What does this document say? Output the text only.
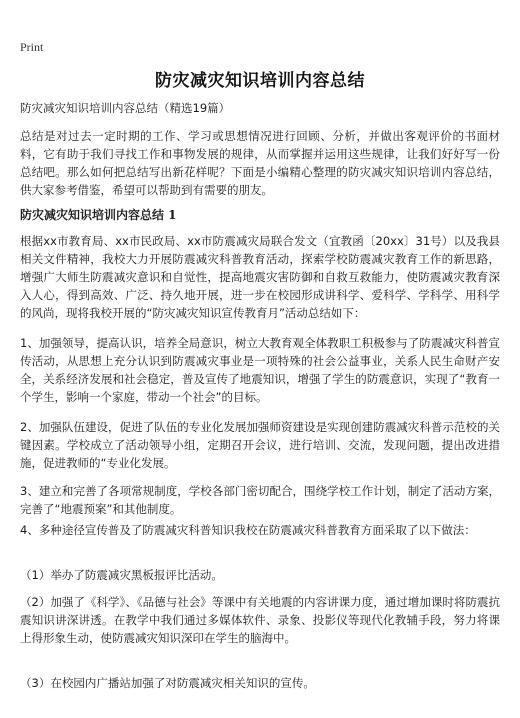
Print
防灾减灾知识培训内容总结
防灾减灾知识培训内容总结（精选19篇）
总结是对过去一定时期的工作、学习或思想情况进行回顾、分析，并做出客观评价的书面材料，它有助于我们寻找工作和事物发展的规律，从而掌握并运用这些规律，让我们好好写一份总结吧。那么如何把总结写出新花样呢？下面是小编精心整理的防灾减灾知识培训内容总结，供大家参考借鉴，希望可以帮助到有需要的朋友。
防灾减灾知识培训内容总结 1
根据xx市教育局、xx市民政局、xx市防震减灾局联合发文（宜教函〔20xx〕31号）以及我县相关文件精神，我校大力开展防震减灾科普教育活动，探索学校防震减灾教育工作的新思路，增强广大师生防震减灾意识和自觉性，提高地震灾害防御和自救互救能力，使防震减灾教育深入人心，得到高效、广泛、持久地开展，进一步在校园形成讲科学、爱科学、学科学、用科学的风尚，现将我校开展的“防灾减灾知识宣传教育月”活动总结如下：
1、加强领导，提高认识，培养全局意识，树立大教育观全体教职工积极参与了防震减灾科普宣传活动，从思想上充分认识到防震减灾事业是一项特殊的社会公益事业，关系人民生命财产安全，关系经济发展和社会稳定，普及宣传了地震知识，增强了学生的防震意识，实现了“教育一个学生，影响一个家庭，带动一个社会”的目标。
2、加强队伍建设，促进了队伍的专业化发展加强师资建设是实现创建防震减灾科普示范校的关键因素。学校成立了活动领导小组，定期召开会议，进行培训、交流，发现问题，提出改进措施，促进教师的“专业化发展。
3、建立和完善了各项常规制度，学校各部门密切配合，围绕学校工作计划，制定了活动方案，完善了“地震预案”和其他制度。
4、多种途径宣传普及了防震减灾科普知识我校在防震减灾科普教育方面采取了以下做法：
（1）举办了防震减灾黑板报评比活动。
（2）加强了《科学》、《品德与社会》等课中有关地震的内容讲课力度，通过增加课时将防震抗震知识讲深讲透。在教学中我们通过多媒体软件、录象、投影仪等现代化教辅手段，努力将课上得形象生动，使防震减灾知识深印在学生的脑海中。
（3）在校园内广播站加强了对防震减灾相关知识的宣传。
